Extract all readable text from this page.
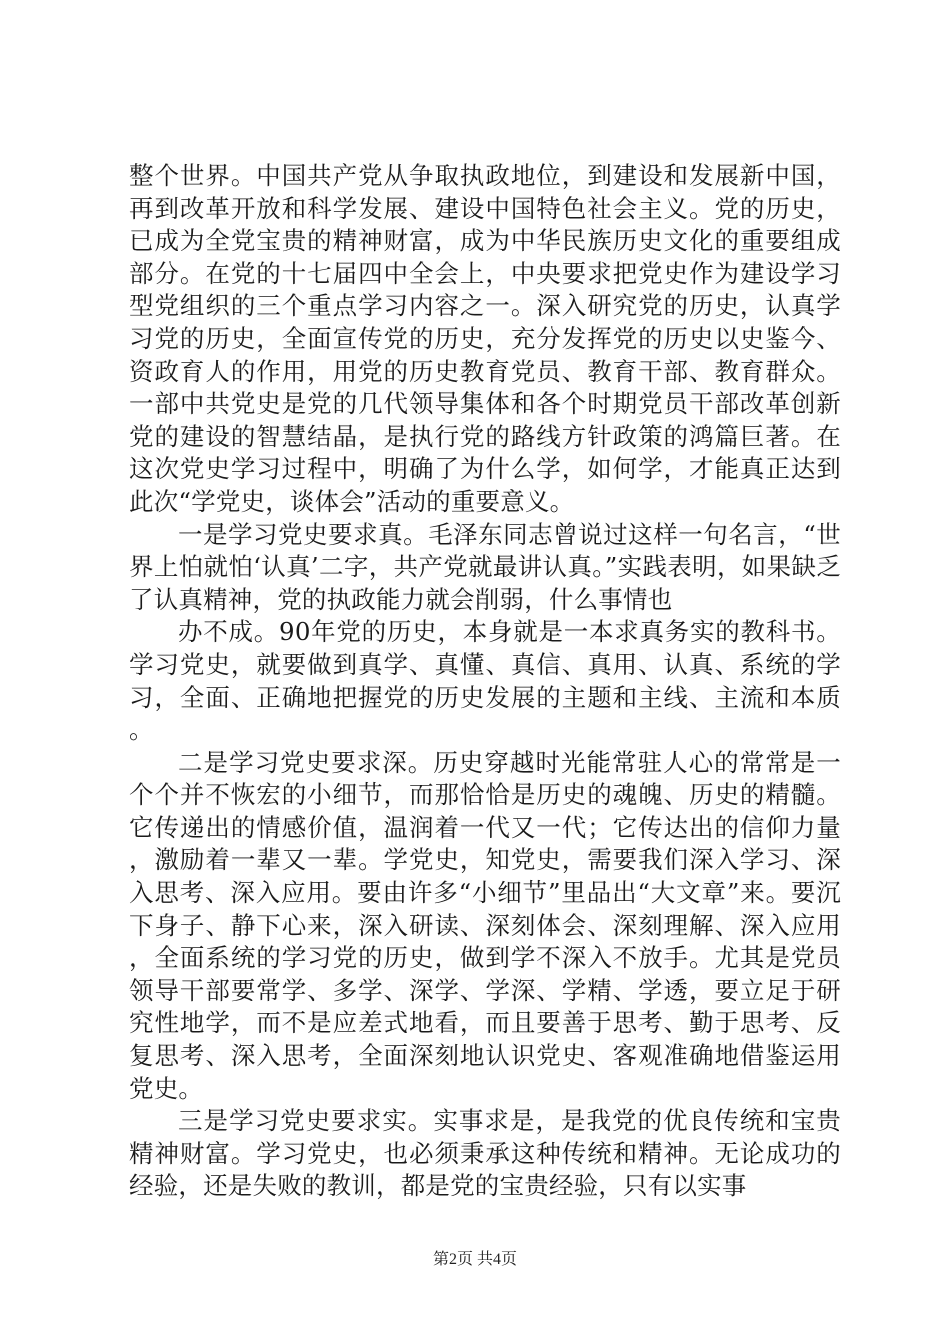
整个世界。中国共产党从争取执政地位，到建设和发展新中国，再到改革开放和科学发展、建设中国特色社会主义。党的历史，已成为全党宝贵的精神财富，成为中华民族历史文化的重要组成部分。在党的十七届四中全会上，中央要求把党史作为建设学习型党组织的三个重点学习内容之一。深入研究党的历史，认真学习党的历史，全面宣传党的历史，充分发挥党的历史以史鉴今、资政育人的作用，用党的历史教育党员、教育干部、教育群众。一部中共党史是党的几代领导集体和各个时期党员干部改革创新党的建设的智慧结晶，是执行党的路线方针政策的鸿篇巨著。在这次党史学习过程中，明确了为什么学，如何学，才能真正达到此次“学党史，谈体会”活动的重要意义。

一是学习党史要求真。毛泽东同志曾说过这样一句名言，“世界上怕就怕‘认真’二字，共产党就最讲认真。”实践表明，如果缺乏了认真精神，党的执政能力就会削弱，什么事情也

办不成。90年党的历史，本身就是一本求真务实的教科书。学习党史，就要做到真学、真懂、真信、真用、认真、系统的学习，全面、正确地把握党的历史发展的主题和主线、主流和本质。

二是学习党史要求深。历史穿越时光能常驻人心的常常是一个个并不恢宏的小细节，而那恰恰是历史的魂魄、历史的精髓。它传递出的情感价值，温润着一代又一代；它传达出的信仰力量，激励着一辈又一辈。学党史，知党史，需要我们深入学习、深入思考、深入应用。要由许多“小细节”里品出“大文章”来。要沉下身子、静下心来，深入研读、深刻体会、深刻理解、深入应用，全面系统的学习党的历史，做到学不深入不放手。尤其是党员领导干部要常学、多学、深学、学深、学精、学透，要立足于研究性地学，而不是应差式地看，而且要善于思考、勤于思考、反复思考、深入思考，全面深刻地认识党史、客观准确地借鉴运用党史。

三是学习党史要求实。实事求是，是我党的优良传统和宝贵精神财富。学习党史，也必须秉承这种传统和精神。无论成功的经验，还是失败的教训，都是党的宝贵经验，只有以实事

第2页 共4页
